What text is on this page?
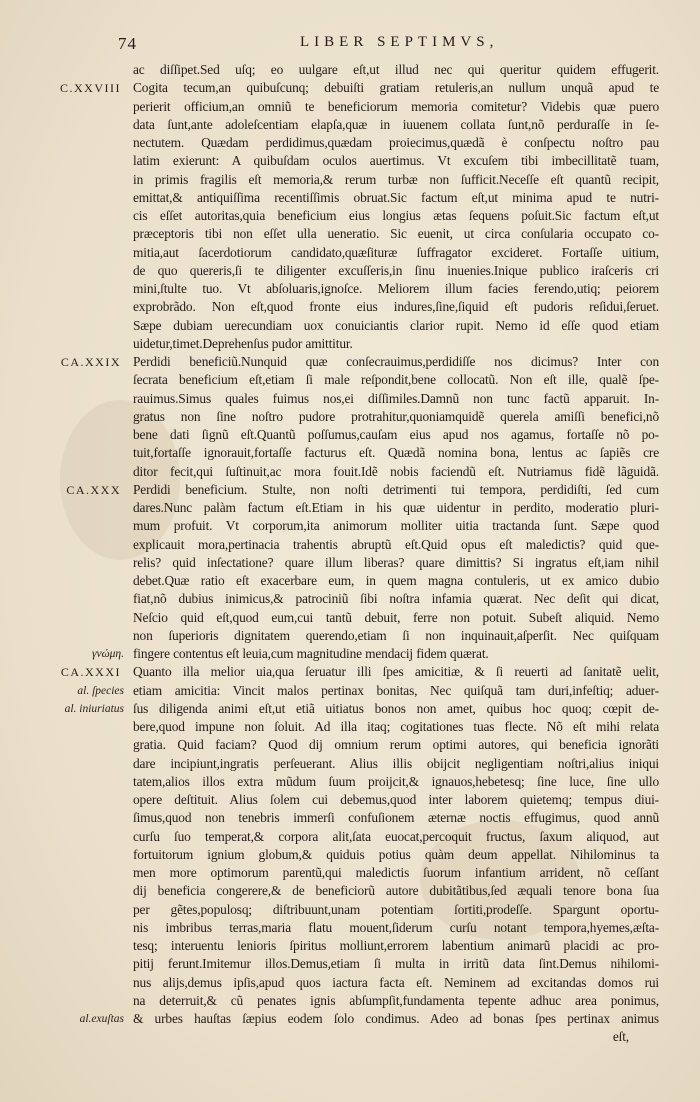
74	LIBER SEPTIMVS,
ac diſſipet.Sed uſq; eo uulgare eſt,ut illud nec qui queritur quidem effugerit.
C.XXVIII Cogita tecum,an quibuſcunq; debuiſti gratiam retuleris,an nullum unquã apud te
perierit officium,an omniũ te beneficiorum memoria comitetur? Videbis quæ puero
data ſunt,ante adoleſcentiam elapſa,quæ in iuuenem collata ſunt,nõ perduraſſe in ſe-
nectutem. Quædam perdidimus,quædam proiecimus,quædã è conſpectu noſtro pau
latim exierunt: A quibuſdam oculos auertimus. Vt excuſem tibi imbecillitatẽ tuam,
in primis fragilis eſt memoria,& rerum turbæ non ſufficit.Neceſſe eſt quantũ recipit,
emittat,& antiquiſſima recentiſſimis obruat.Sic factum eſt,ut minima apud te nutri-
cis eſſet autoritas,quia beneficium eius longius ætas ſequens poſuit.Sic factum eſt,ut
præceptoris tibi non eſſet ulla ueneratio. Sic euenit, ut circa conſularia occupato co-
mitia,aut ſacerdotiorum candidato,quæſituræ ſuffragator excideret. Fortaſſe uitium,
de quo quereris,ſi te diligenter excuſſeris,in ſinu inuenies.Inique publico iraſceris cri
mini,ſtulte tuo. Vt abſoluaris,ignoſce. Meliorem illum facies ferendo,utiq; peiorem
exprobrãdo. Non eſt,quod fronte eius indures,ſine,ſiquid eſt pudoris reſidui,ſeruet.
Sæpe dubiam uerecundiam uox conuiciantis clarior rupit. Nemo id eſſe quod etiam
uidetur,timet.Deprehenſus pudor amittitur.
CA.XXIX Perdidi beneficiũ.Nunquid quæ conſecrauimus,perdidiſſe nos dicimus? Inter con
ſecrata beneficium eſt,etiam ſi male reſpondit,bene collocatũ. Non eſt ille, qualẽ ſpe-
rauimus.Simus quales fuimus nos,ei diſſimiles.Damnũ non tunc factũ apparuit. In-
gratus non ſine noſtro pudore protrahitur,quoniamquidẽ querela amiſſi benefici,nõ
bene dati ſignũ eſt.Quantũ poſſumus,cauſam eius apud nos agamus, fortaſſe nõ po-
tuit,fortaſſe ignorauit,fortaſſe facturus eſt. Quædã nomina bona, lentus ac ſapiẽs cre
ditor fecit,qui ſuſtinuit,ac mora fouit.Idẽ nobis faciendũ eſt. Nutriamus fidẽ lãguidã.
CA.XXX Perdidi beneficium. Stulte, non noſti detrimenti tui tempora, perdidiſti, ſed cum
dares.Nunc palàm factum eſt.Etiam in his quæ uidentur in perdito, moderatio pluri-
mum profuit. Vt corporum,ita animorum molliter uitia tractanda ſunt. Sæpe quod
explicauit mora,pertinacia trahentis abruptũ eſt.Quid opus eſt maledictis? quid que-
relis? quid inſectatione? quare illum liberas? quare dimittis? Si ingratus eſt,iam nihil
debet.Quæ ratio eſt exacerbare eum, in quem magna contuleris, ut ex amico dubio
fiat,nõ dubius inimicus,& patrociniũ ſibi noſtra infamia quærat. Nec deſit qui dicat,
Neſcio quid eſt,quod eum,cui tantũ debuit, ferre non potuit. Subeſt aliquid. Nemo
non ſuperioris dignitatem querendo,etiam ſi non inquinauit,aſperſit. Nec quiſquam
γνώμη. fingere contentus eſt leuia,cum magnitudine mendacij fidem quærat.
CA.XXXI Quanto illa melior uia,qua ſeruatur illi ſpes amicitiæ, & ſi reuerti ad ſanitatẽ uelit,
al. ſpecies etiam amicitia: Vincit malos pertinax bonitas, Nec quiſquã tam duri,infeſtiq; aduer-
al. iniuriatus ſus diligenda animi eſt,ut etiã uitiatus bonos non amet, quibus hoc quoq; cœpit de-
bere,quod impune non ſoluit. Ad illa itaq; cogitationes tuas flecte. Nõ eſt mihi relata
gratia. Quid faciam? Quod dij omnium rerum optimi autores, qui beneficia ignorãti
dare incipiunt,ingratis perſeuerant. Alius illis obijcit negligentiam noſtri,alius iniqui
tatem,alios illos extra mũdum ſuum proijcit,& ignauos,hebetesq; ſine luce, ſine ullo
opere deſtituit. Alius ſolem cui debemus,quod inter laborem quietemq; tempus diui-
ſimus,quod non tenebris immerſi confuſionem æternæ noctis effugimus, quod annũ
curſu ſuo temperat,& corpora alit,ſata euocat,percoquit fructus, ſaxum aliquod, aut
fortuitorum ignium globum,& quiduis potius quàm deum appellat. Nihilominus ta
men more optimorum parentũ,qui maledictis ſuorum infantium arrident, nõ ceſſant
dij beneficia congerere,& de beneficiorũ autore dubitãtibus,ſed æquali tenore bona ſua
per gẽtes,populosq; diſtribuunt,unam potentiam ſortiti,prodeſſe. Spargunt oportu-
nis imbribus terras,maria flatu mouent,ſiderum curſu notant tempora,hyemes,æſta-
tesq; interuentu lenioris ſpiritus molliunt,errorem labentium animarũ placidi ac pro-
pitij ferunt.Imitemur illos.Demus,etiam ſi multa in irritũ data ſint.Demus nihilomi-
nus alijs,demus ipſis,apud quos iactura facta eſt. Neminem ad excitandas domos rui
na deterruit,& cũ penates ignis abſumpſit,fundamenta tepente adhuc area ponimus,
al.exuſtas & urbes hauſtas ſæpius eodem ſolo condimus. Adeo ad bonas ſpes pertinax animus
eſt,
